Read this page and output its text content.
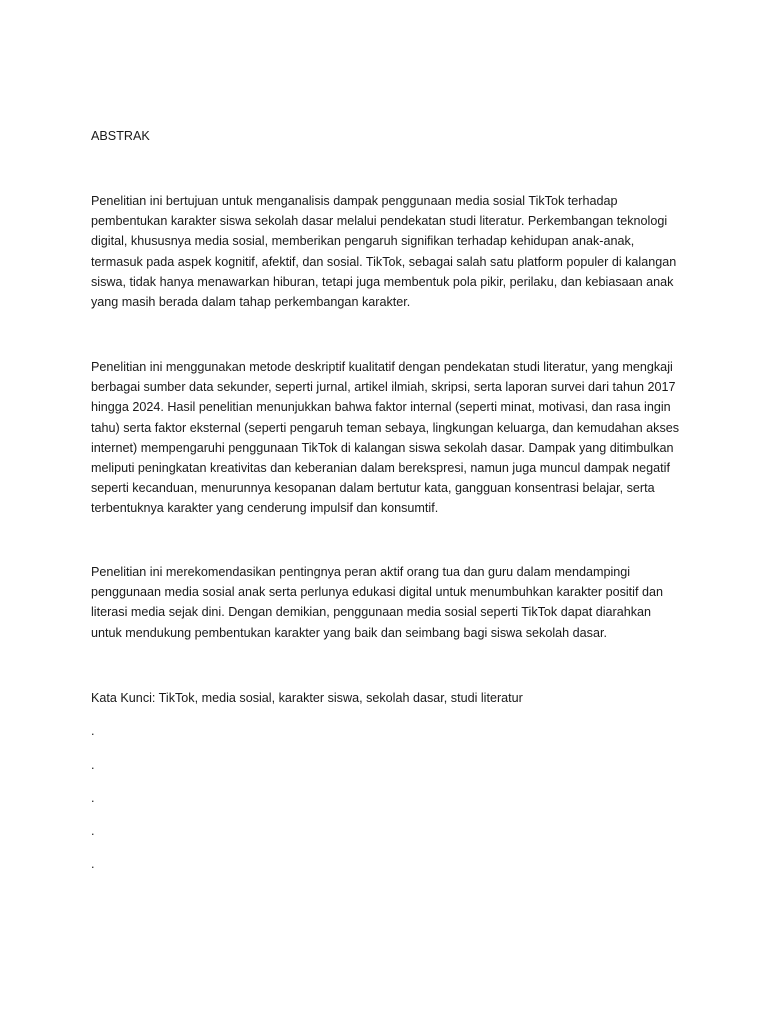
ABSTRAK

Penelitian ini bertujuan untuk menganalisis dampak penggunaan media sosial TikTok terhadap pembentukan karakter siswa sekolah dasar melalui pendekatan studi literatur. Perkembangan teknologi digital, khususnya media sosial, memberikan pengaruh signifikan terhadap kehidupan anak-anak, termasuk pada aspek kognitif, afektif, dan sosial. TikTok, sebagai salah satu platform populer di kalangan siswa, tidak hanya menawarkan hiburan, tetapi juga membentuk pola pikir, perilaku, dan kebiasaan anak yang masih berada dalam tahap perkembangan karakter.

Penelitian ini menggunakan metode deskriptif kualitatif dengan pendekatan studi literatur, yang mengkaji berbagai sumber data sekunder, seperti jurnal, artikel ilmiah, skripsi, serta laporan survei dari tahun 2017 hingga 2024. Hasil penelitian menunjukkan bahwa faktor internal (seperti minat, motivasi, dan rasa ingin tahu) serta faktor eksternal (seperti pengaruh teman sebaya, lingkungan keluarga, dan kemudahan akses internet) mempengaruhi penggunaan TikTok di kalangan siswa sekolah dasar. Dampak yang ditimbulkan meliputi peningkatan kreativitas dan keberanian dalam berekspresi, namun juga muncul dampak negatif seperti kecanduan, menurunnya kesopanan dalam bertutur kata, gangguan konsentrasi belajar, serta terbentuknya karakter yang cenderung impulsif dan konsumtif.

Penelitian ini merekomendasikan pentingnya peran aktif orang tua dan guru dalam mendampingi penggunaan media sosial anak serta perlunya edukasi digital untuk menumbuhkan karakter positif dan literasi media sejak dini. Dengan demikian, penggunaan media sosial seperti TikTok dapat diarahkan untuk mendukung pembentukan karakter yang baik dan seimbang bagi siswa sekolah dasar.

Kata Kunci: TikTok, media sosial, karakter siswa, sekolah dasar, studi literatur

.

.

.

.

.
